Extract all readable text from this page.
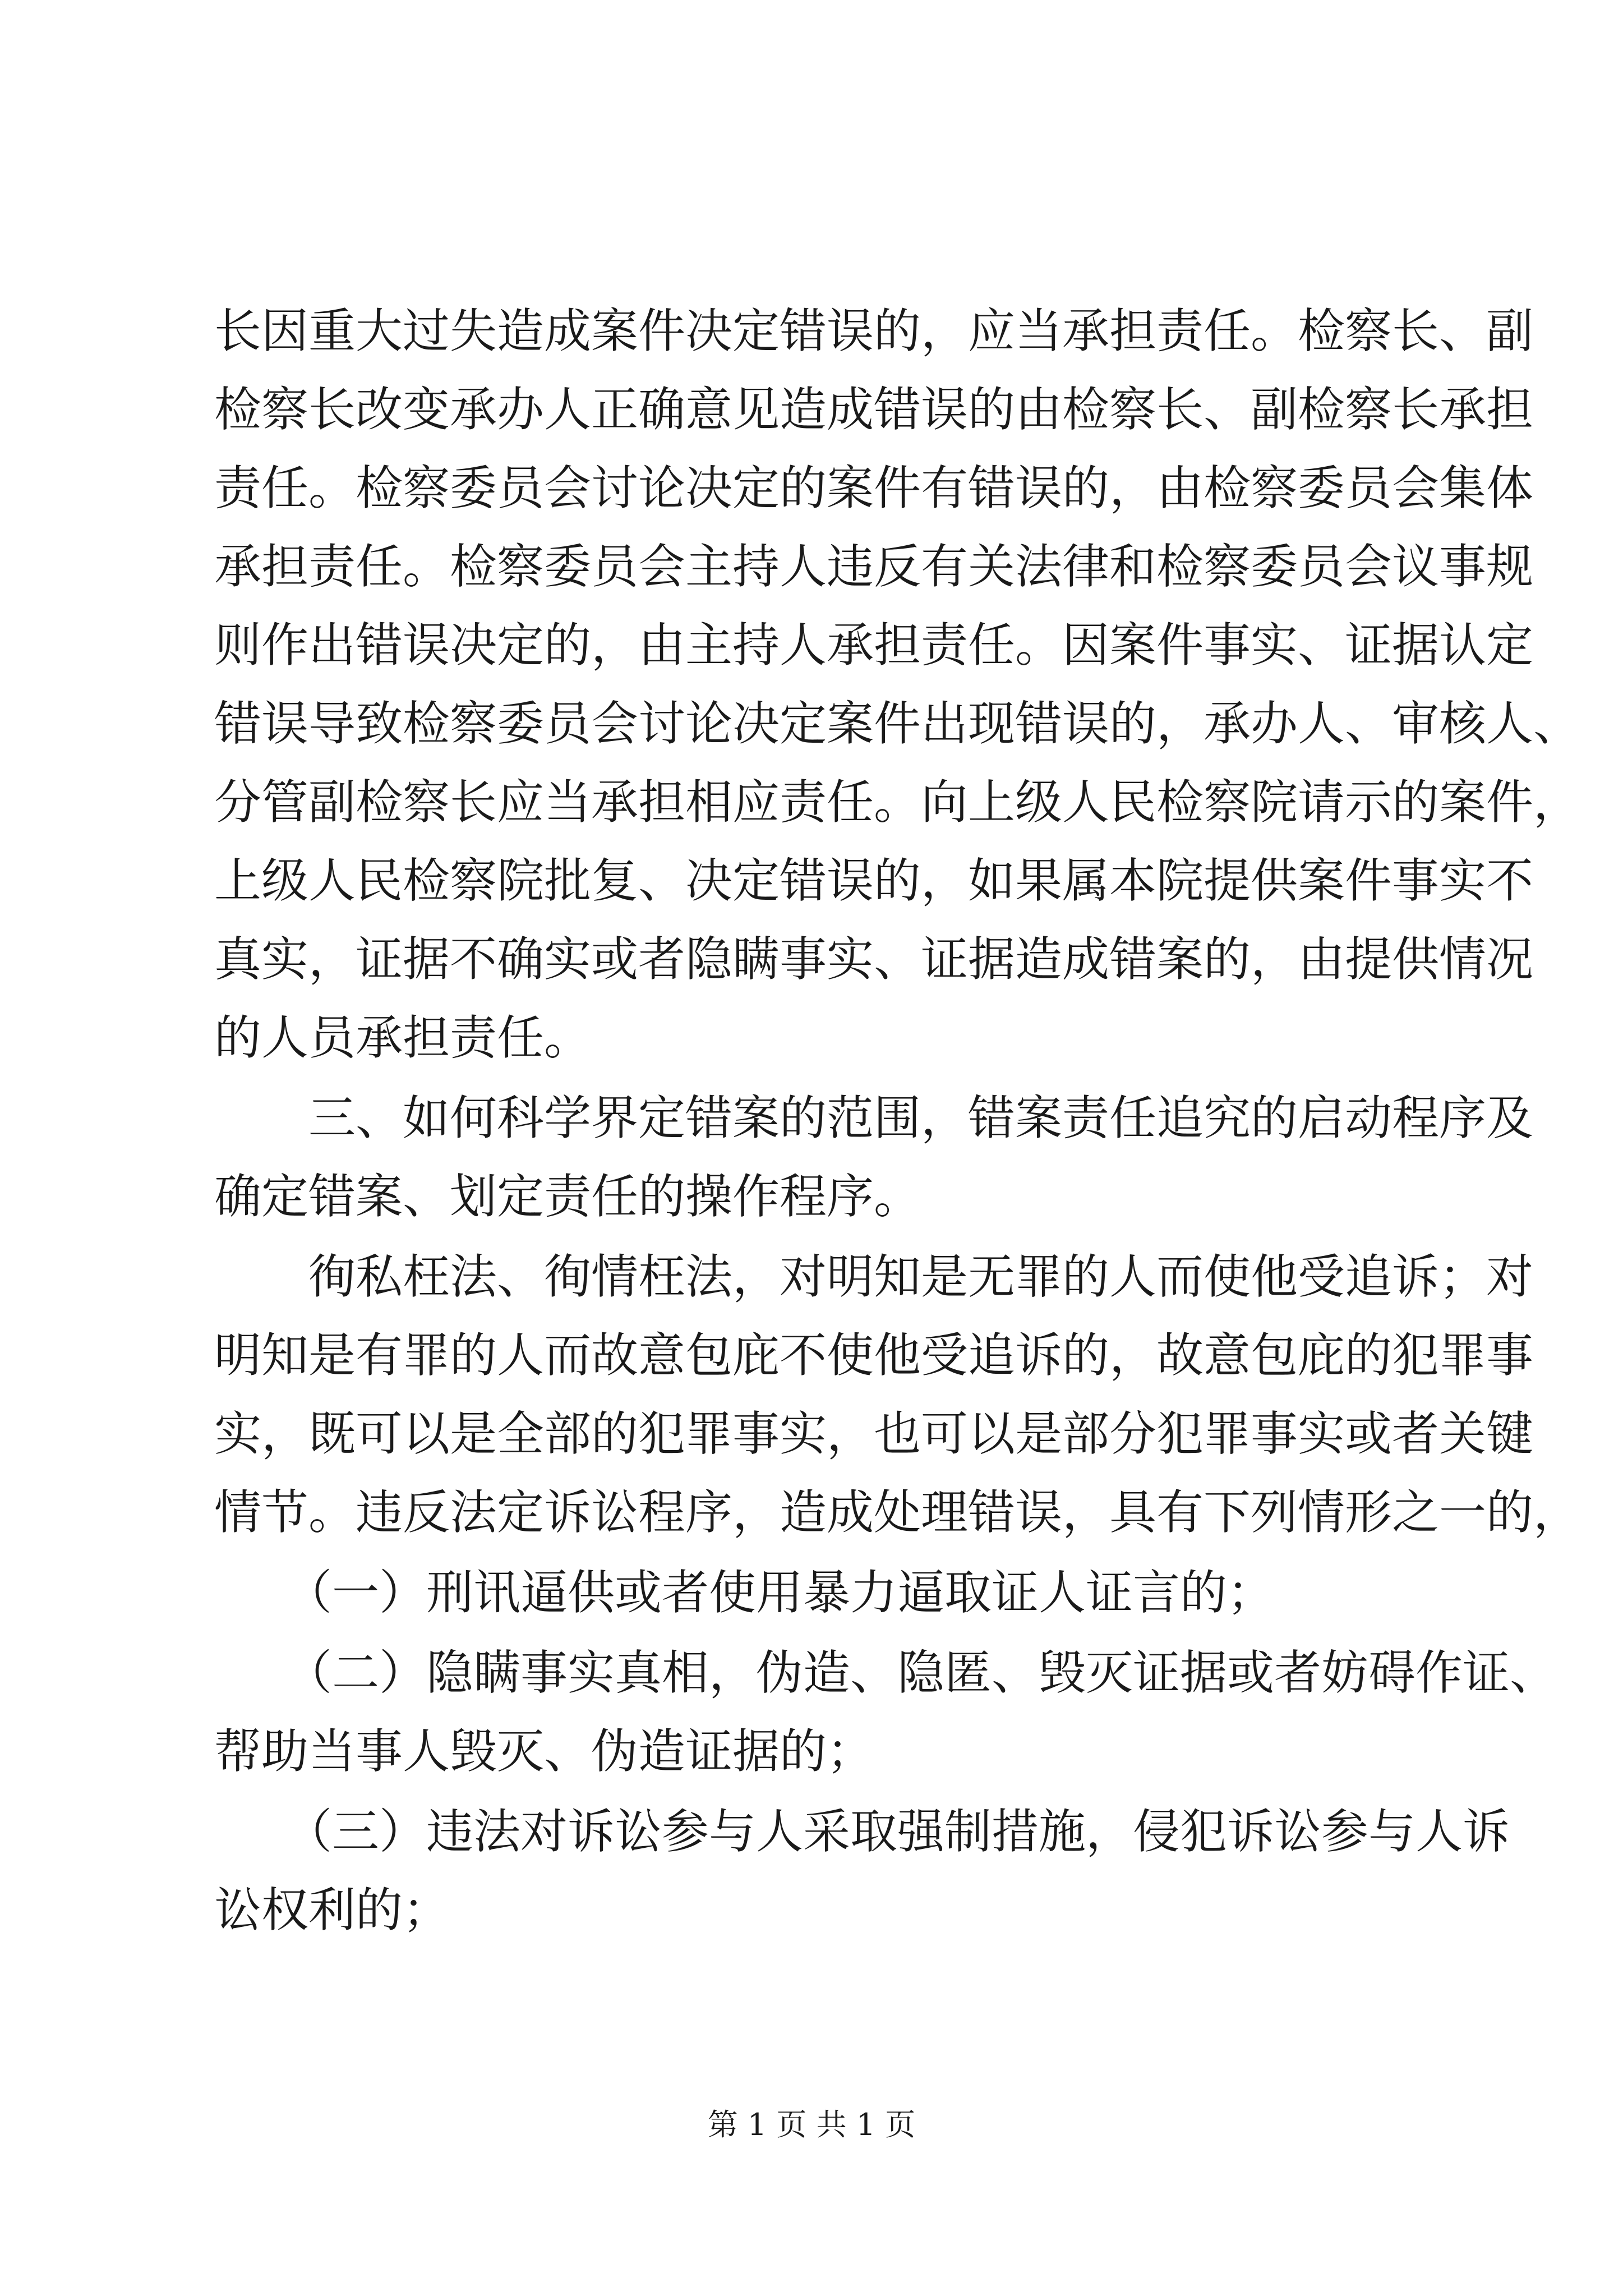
长因重大过失造成案件决定错误的，应当承担责任。检察长、副
检察长改变承办人正确意见造成错误的由检察长、副检察长承担
责任。检察委员会讨论决定的案件有错误的，由检察委员会集体
承担责任。检察委员会主持人违反有关法律和检察委员会议事规
则作出错误决定的，由主持人承担责任。因案件事实、证据认定
错误导致检察委员会讨论决定案件出现错误的，承办人、审核人、
分管副检察长应当承担相应责任。向上级人民检察院请示的案件，
上级人民检察院批复、决定错误的，如果属本院提供案件事实不
真实，证据不确实或者隐瞒事实、证据造成错案的，由提供情况
的人员承担责任。
　　三、如何科学界定错案的范围，错案责任追究的启动程序及
确定错案、划定责任的操作程序。
　　徇私枉法、徇情枉法，对明知是无罪的人而使他受追诉；对
明知是有罪的人而故意包庇不使他受追诉的，故意包庇的犯罪事
实，既可以是全部的犯罪事实，也可以是部分犯罪事实或者关键
情节。违反法定诉讼程序，造成处理错误，具有下列情形之一的，
　　（一）刑讯逼供或者使用暴力逼取证人证言的；
　　（二）隐瞒事实真相，伪造、隐匿、毁灭证据或者妨碍作证、
帮助当事人毁灭、伪造证据的；
　　（三）违法对诉讼参与人采取强制措施，侵犯诉讼参与人诉
讼权利的；
第 1 页 共 1 页
